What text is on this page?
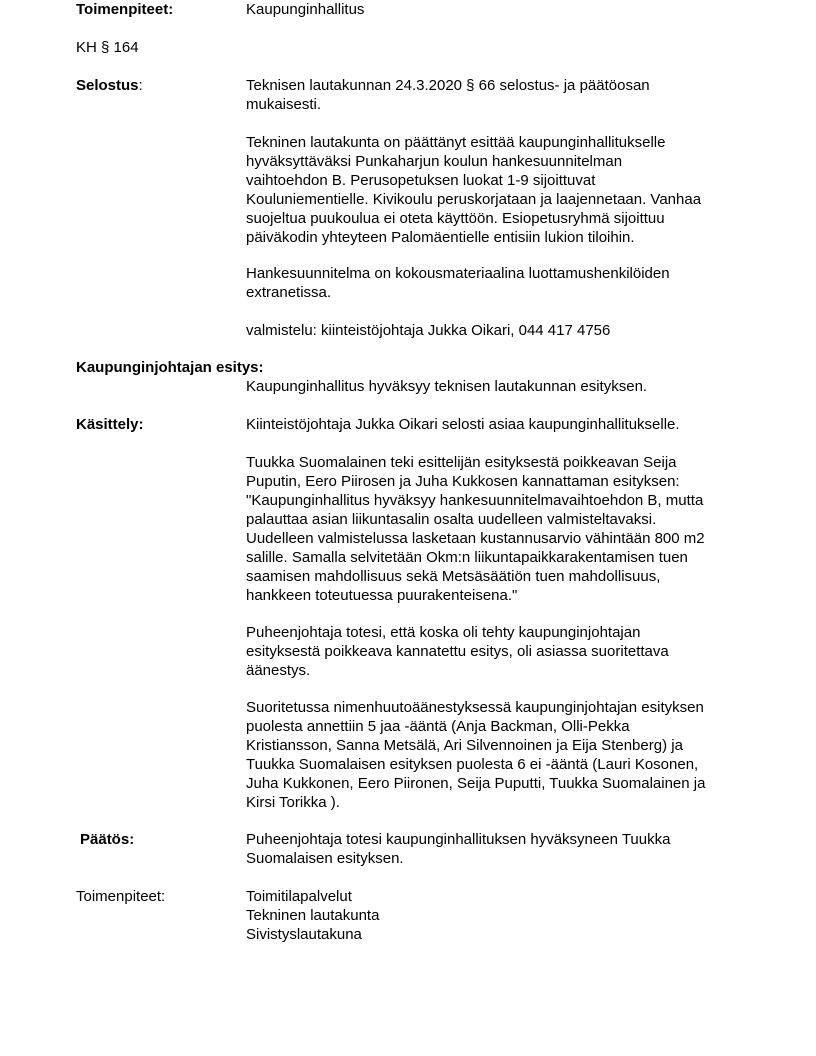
Toimenpiteet:	Kaupunginhallitus

KH § 164
Selostus:	Teknisen lautakunnan 24.3.2020 § 66 selostus- ja päätöosan
mukaisesti.

Tekninen lautakunta on päättänyt esittää kaupunginhallitukselle
hyväksyttäväksi Punkaharjun koulun hankesuunnitelman
vaihtoehdon B. Perusopetuksen luokat 1-9 sijoittuvat
Kouluniementielle. Kivikoulu peruskorjataan ja laajennetaan. Vanhaa
suojeltua puukoulua ei oteta käyttöön. Esiopetusryhmä sijoittuu
päiväkodin yhteyteen Palomäentielle entisiin lukion tiloihin.

Hankesuunnitelma on kokousmateriaalina luottamushenkilöiden
extranetissa.

valmistelu: kiinteistöjohtaja Jukka Oikari, 044 417 4756

Kaupunginjohtajan esitys:

Kaupunginhallitus hyväksyy teknisen lautakunnan esityksen.

Käsittely:	Kiinteistöjohtaja Jukka Oikari selosti asiaa kaupunginhallitukselle.

Tuukka Suomalainen teki esittelijän esityksestä poikkeavan Seija
Puputin, Eero Piirosen ja Juha Kukkosen kannattaman esityksen:
"Kaupunginhallitus hyväksyy hankesuunnitelmavaihtoehdon B, mutta
palauttaa asian liikuntasalin osalta uudelleen valmisteltavaksi.
Uudelleen valmistelussa lasketaan kustannusarvio vähintään 800 m2
salille. Samalla selvitetään Okm:n liikuntapaikkarakentamisen tuen
saamisen mahdollisuus sekä Metsäsäätiön tuen mahdollisuus,
hankkeen toteutuessa puurakenteisena."

Puheenjohtaja totesi, että koska oli tehty kaupunginjohtajan
esityksestä poikkeava kannatettu esitys, oli asiassa suoritettava
äänestys.

Suoritetussa nimenhuutoäänestyksessä kaupunginjohtajan esityksen
puolesta annettiin 5 jaa -ääntä (Anja Backman, Olli-Pekka
Kristiansson, Sanna Metsälä, Ari Silvennoinen ja Eija Stenberg) ja
Tuukka Suomalaisen esityksen puolesta 6 ei -ääntä (Lauri Kosonen,
Juha Kukkonen, Eero Piironen, Seija Puputti, Tuukka Suomalainen ja
Kirsi Torikka ).

Päätös:	Puheenjohtaja totesi kaupunginhallituksen hyväksyneen Tuukka
Suomalaisen esityksen.

Toimenpiteet:	Toimitilapalvelut

Tekninen lautakunta

Sivistyslautakuna
